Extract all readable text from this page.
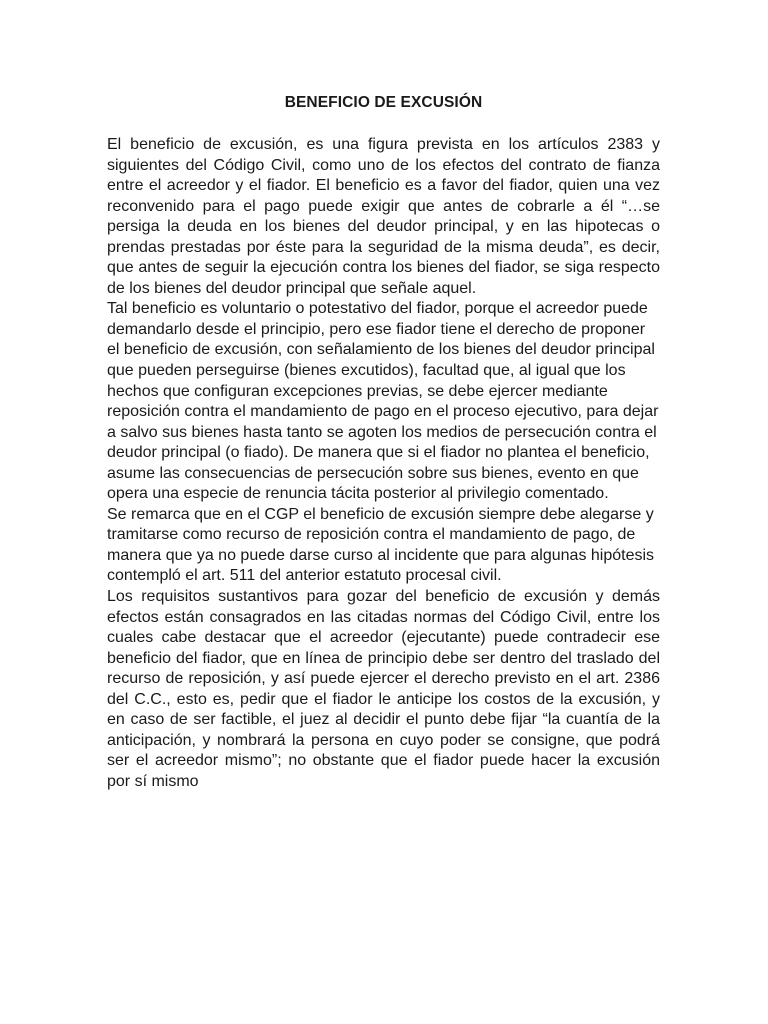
BENEFICIO DE EXCUSIÓN

El beneficio de excusión, es una figura prevista en los artículos 2383 y siguientes del Código Civil, como uno de los efectos del contrato de fianza entre el acreedor y el fiador. El beneficio es a favor del fiador, quien una vez reconvenido para el pago puede exigir que antes de cobrarle a él “…se persiga la deuda en los bienes del deudor principal, y en las hipotecas o prendas prestadas por éste para la seguridad de la misma deuda”, es decir, que antes de seguir la ejecución contra los bienes del fiador, se siga respecto de los bienes del deudor principal que señale aquel.

Tal beneficio es voluntario o potestativo del fiador, porque el acreedor puede demandarlo desde el principio, pero ese fiador tiene el derecho de proponer el beneficio de excusión, con señalamiento de los bienes del deudor principal que pueden perseguirse (bienes excutidos), facultad que, al igual que los hechos que configuran excepciones previas, se debe ejercer mediante reposición contra el mandamiento de pago en el proceso ejecutivo, para dejar a salvo sus bienes hasta tanto se agoten los medios de persecución contra el deudor principal (o fiado). De manera que si el fiador no plantea el beneficio, asume las consecuencias de persecución sobre sus bienes, evento en que opera una especie de renuncia tácita posterior al privilegio comentado.

Se remarca que en el CGP el beneficio de excusión siempre debe alegarse y tramitarse como recurso de reposición contra el mandamiento de pago, de manera que ya no puede darse curso al incidente que para algunas hipótesis contempló el art. 511 del anterior estatuto procesal civil.

Los requisitos sustantivos para gozar del beneficio de excusión y demás efectos están consagrados en las citadas normas del Código Civil, entre los cuales cabe destacar que el acreedor (ejecutante) puede contradecir ese beneficio del fiador, que en línea de principio debe ser dentro del traslado del recurso de reposición, y así puede ejercer el derecho previsto en el art. 2386 del C.C., esto es, pedir que el fiador le anticipe los costos de la excusión, y en caso de ser factible, el juez al decidir el punto debe fijar “la cuantía de la anticipación, y nombrará la persona en cuyo poder se consigne, que podrá ser el acreedor mismo”; no obstante que el fiador puede hacer la excusión por sí mismo
